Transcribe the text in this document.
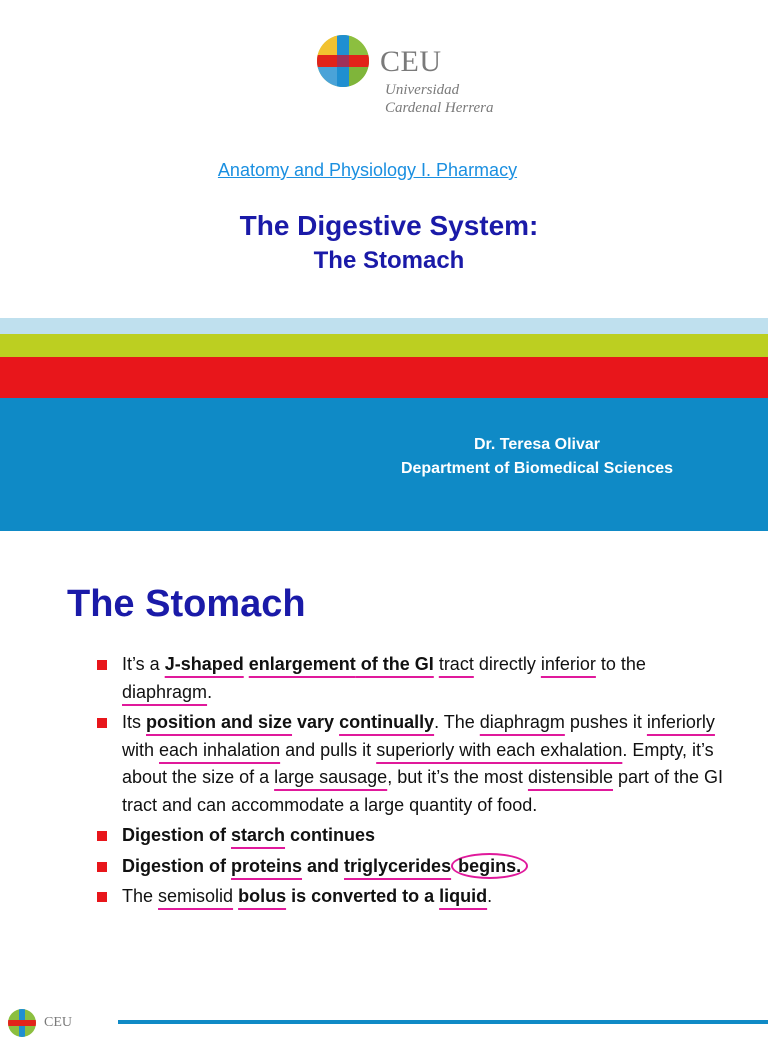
CEU
Universidad
Cardenal Herrera
Anatomy and Physiology I. Pharmacy
The Digestive System:
The Stomach
Dr. Teresa Olivar
Department of Biomedical Sciences
The Stomach
It’s a J-shaped enlargement of the GI tract directly inferior to the diaphragm.
Its position and size vary continually. The diaphragm pushes it inferiorly with each inhalation and pulls it superiorly with each exhalation. Empty, it’s about the size of a large sausage, but it’s the most distensible part of the GI tract and can accommodate a large quantity of food.
Digestion of starch continues
Digestion of proteins and triglycerides begins.
The semisolid bolus is converted to a liquid.
CEU
